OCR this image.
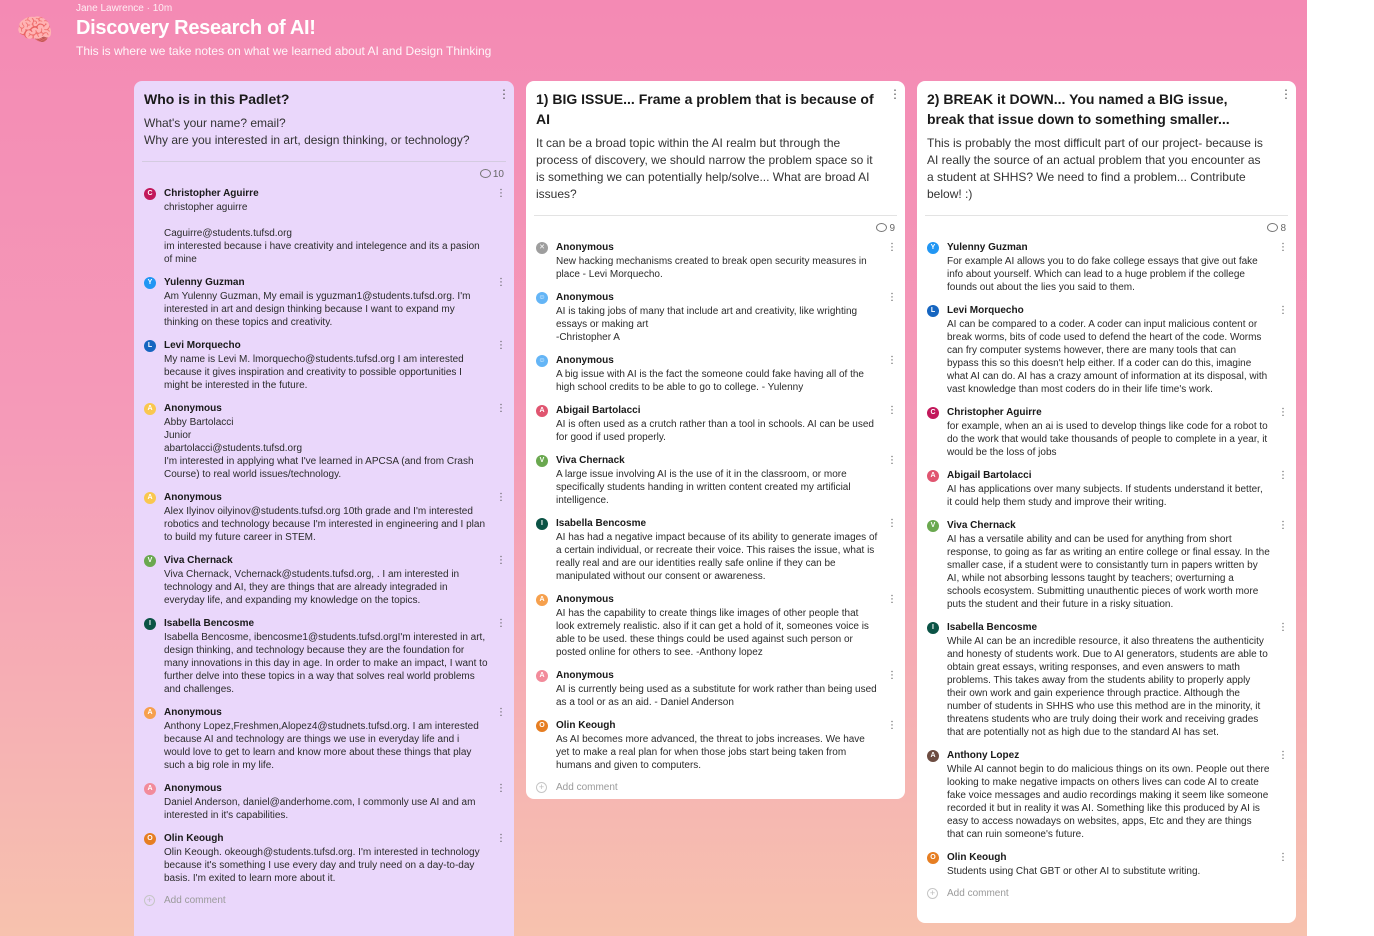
🧠
Jane Lawrence · 10m
Discovery Research of AI!
This is where we take notes on what we learned about AI and Design Thinking
Who is in this Padlet?
What's your name? email?
Why are you interested in art, design thinking, or technology?
⋮
10
C	Christopher Aguirre
christopher aguirre

Caguirre@students.tufsd.org
im interested because i have creativity and intelegence and its a pasion of mine
⋮
Y	Yulenny Guzman
Am Yulenny Guzman, My email is yguzman1@students.tufsd.org. I'm interested in art and design thinking because I want to expand my thinking on these topics and creativity.
⋮
L	Levi Morquecho
My name is Levi M. lmorquecho@students.tufsd.org I am interested because it gives inspiration and creativity to possible opportunities I might be interested in the future.
⋮
A	Anonymous
Abby Bartolacci
Junior
abartolacci@students.tufsd.org
I'm interested in applying what I've learned in APCSA (and from Crash Course) to real world issues/technology.

⋮
A	Anonymous
Alex Ilyinov oilyinov@students.tufsd.org 10th grade and I'm interested robotics and technology because I'm interested in engineering and I plan to build my future career in STEM.
⋮
V	Viva Chernack
Viva Chernack, Vchernack@students.tufsd.org, . I am interested in technology and AI, they are things that are already integraded in everyday life, and expanding my knowledge on the topics.
⋮
I	Isabella Bencosme
Isabella Bencosme, ibencosme1@students.tufsd.orgI'm interested in art, design thinking, and technology because they are the foundation for many innovations in this day in age. In order to make an impact, I want to further delve into these topics in a way that solves real world problems and challenges.
⋮
A	Anonymous
Anthony Lopez,Freshmen,Alopez4@studnets.tufsd.org. I am interested because AI and technology are things we use in everyday life and i would love to get to learn and know more about these things that play such a big role in my life.
⋮
A	Anonymous
Daniel Anderson, daniel@anderhome.com, I commonly use AI and am interested in it's capabilities.
⋮
O	Olin Keough
Olin Keough. okeough@students.tufsd.org. I'm interested in technology because it's something I use every day and truly need on a day-to-day basis. I'm exited to learn more about it.
⋮
+ Add comment
1) BIG ISSUE... Frame a problem that is because of AI
It can be a broad topic within the AI realm but through the process of discovery, we should narrow the problem space so it is something we can potentially help/solve... What are broad AI issues?
⋮
9
✕	Anonymous
New hacking mechanisms created to break open security measures in place - Levi Morquecho.
⋮
☺ Anonymous
AI is taking jobs of many that include art and creativity, like wrighting essays or making art
-Christopher A
⋮
☺ Anonymous
A big issue with AI is the fact the someone could fake having all of the high school credits to be able to go to college. - Yulenny
⋮
A	Abigail Bartolacci
AI is often used as a crutch rather than a tool in schools. AI can be used for good if used properly.
⋮
V	Viva Chernack
A large issue involving AI is the use of it in the classroom, or more specifically students handing in written content created my artificial intelligence.
⋮
I	Isabella Bencosme
AI has had a negative impact because of its ability to generate images of a certain individual, or recreate their voice. This raises the issue, what is really real and are our identities really safe online if they can be manipulated without our consent or awareness.
⋮
A	Anonymous
AI has the capability to create things like images of other people that look extremely realistic. also if it can get a hold of it, someones voice is able to be used. these things could be used against such person or posted online for others to see. -Anthony lopez
⋮
A	Anonymous
AI is currently being used as a substitute for work rather than being used as a tool or as an aid. - Daniel Anderson
⋮
O	Olin Keough
As AI becomes more advanced, the threat to jobs increases. We have yet to make a real plan for when those jobs start being taken from humans and given to computers.
⋮
+ Add comment
2) BREAK it DOWN... You named a BIG issue, break that issue down to something smaller...
This is probably the most difficult part of our project- because is AI really the source of an actual problem that you encounter as a student at SHHS? We need to find a problem... Contribute below! :)
⋮
8
Y	Yulenny Guzman
For example AI allows you to do fake college essays that give out fake info about yourself. Which can lead to a huge problem if the college founds out about the lies you said to them.
⋮
L	Levi Morquecho
AI can be compared to a coder. A coder can input malicious content or break worms, bits of code used to defend the heart of the code. Worms can fry computer systems however, there are many tools that can bypass this so this doesn't help either. If a coder can do this, imagine what AI can do. AI has a crazy amount of information at its disposal, with vast knowledge than most coders do in their life time's work.
⋮
C	Christopher Aguirre
for example, when an ai is used to develop things like code for a robot to do the work that would take thousands of people to complete in a year, it would be the loss of jobs
⋮
A	Abigail Bartolacci
AI has applications over many subjects. If students understand it better, it could help them study and improve their writing.
⋮
V	Viva Chernack
AI has a versatile ability and can be used for anything from short response, to going as far as writing an entire college or final essay. In the smaller case, if a student were to consistantly turn in papers written by AI, while not absorbing lessons taught by teachers; overturning a schools ecosystem. Submitting unauthentic pieces of work worth more puts the student and their future in a risky situation.
⋮
I	Isabella Bencosme
While AI can be an incredible resource, it also threatens the authenticity and honesty of students work. Due to AI generators, students are able to obtain great essays, writing responses, and even answers to math problems. This takes away from the students ability to properly apply their own work and gain experience through practice. Although the number of students in SHHS who use this method are in the minority, it threatens students who are truly doing their work and receiving grades that are potentially not as high due to the standard AI has set.
⋮
A	Anthony Lopez
While AI cannot begin to do malicious things on its own. People out there looking to make negative impacts on others lives can code AI to create fake voice messages and audio recordings making it seem like someone recorded it but in reality it was AI. Something like this produced by AI is easy to access nowadays on websites, apps, Etc and they are things that can ruin someone's future.
⋮
O	Olin Keough
Students using Chat GBT or other AI to substitute writing.
⋮
+ Add comment
